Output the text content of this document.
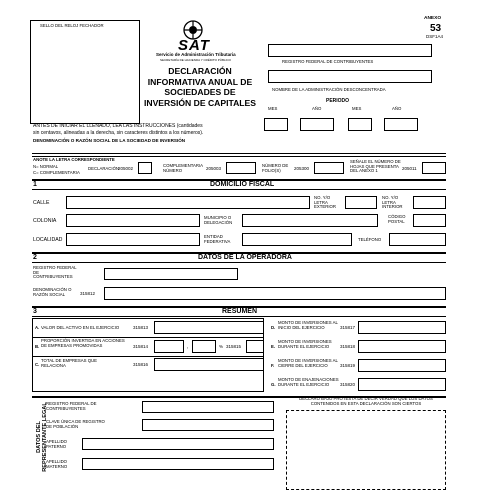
SELLO DEL RELOJ FECHADOR
SAT
Servicio de Administración Tributaria
SECRETARÍA DE HACIENDA Y CRÉDITO PÚBLICO
DECLARACIÓN
INFORMATIVA ANUAL DE
SOCIEDADES DE
INVERSIÓN DE CAPITALES
ANEXO
53
DSF1A4
REGISTRO FEDERAL DE CONTRIBUYENTES
NOMBRE DE LA ADMINISTRACIÓN DESCONCENTRADA
PERIODO
MES	AÑO	MES	AÑO
ANTES DE INICIAR EL LLENADO, LEA LAS INSTRUCCIONES (cantidades
sin centavos, alineadas a la derecha, sin caracteres distintos a los números).
DENOMINACIÓN O RAZÓN SOCIAL DE LA SOCIEDAD DE INVERSIÓN
ANOTE LA LETRA CORRESPONDIENTE
N= NORMAL
C= COMPLEMENTARIA
DECLARACIÓN
205002
COMPLEMENTARIA NÚMERO	205003
NÚMERO DE FOLIO(S)	205300
SEÑALE EL NÚMERO DE HOJAS QUE PRESENTA DEL ANEXO 1	205011
1	DOMICILIO FISCAL
CALLE
NO. Y/O LETRA EXTERIOR
NO. Y/O LETRA INTERIOR
COLONIA
MUNICIPIO O DELEGACIÓN
CÓDIGO POSTAL
LOCALIDAD
ENTIDAD FEDERATIVA	TELÉFONO
2	DATOS DE LA OPERADORA
REGISTRO FEDERAL DE CONTRIBUYENTES
DENOMINACIÓN O RAZÓN SOCIAL	315812
3	RESUMEN
A. VALOR DEL ACTIVO EN EL EJERCICIO	315813
B.
PROPORCIÓN INVERTIDA EN ACCIONES DE EMPRESAS PROMOVIDAS	315814	,	% 315815
C.
TOTAL DE EMPRESAS QUE RELACIONA	315816
D.
MONTO DE INVERSIONES AL INICIO DEL EJERCICIO	315817
E.
MONTO DE INVERSIONES DURANTE EL EJERCICIO	315818
F.
MONTO DE INVERSIONES AL CIERRE DEL EJERCICIO	315819
G.
MONTO DE ENAJENACIONES DURANTE EL EJERCICIO	315820
DATOS DEL REPRESENTANTE LEGAL
REGISTRO FEDERAL DE CONTRIBUYENTES
CLAVE ÚNICA DE REGISTRO DE POBLACIÓN
APELLIDO PATERNO
APELLIDO MATERNO
DECLARO BAJO PROTESTA DE DECIR VERDAD QUE LOS DATOS CONTENIDOS EN ESTA DECLARACIÓN SON CIERTOS
